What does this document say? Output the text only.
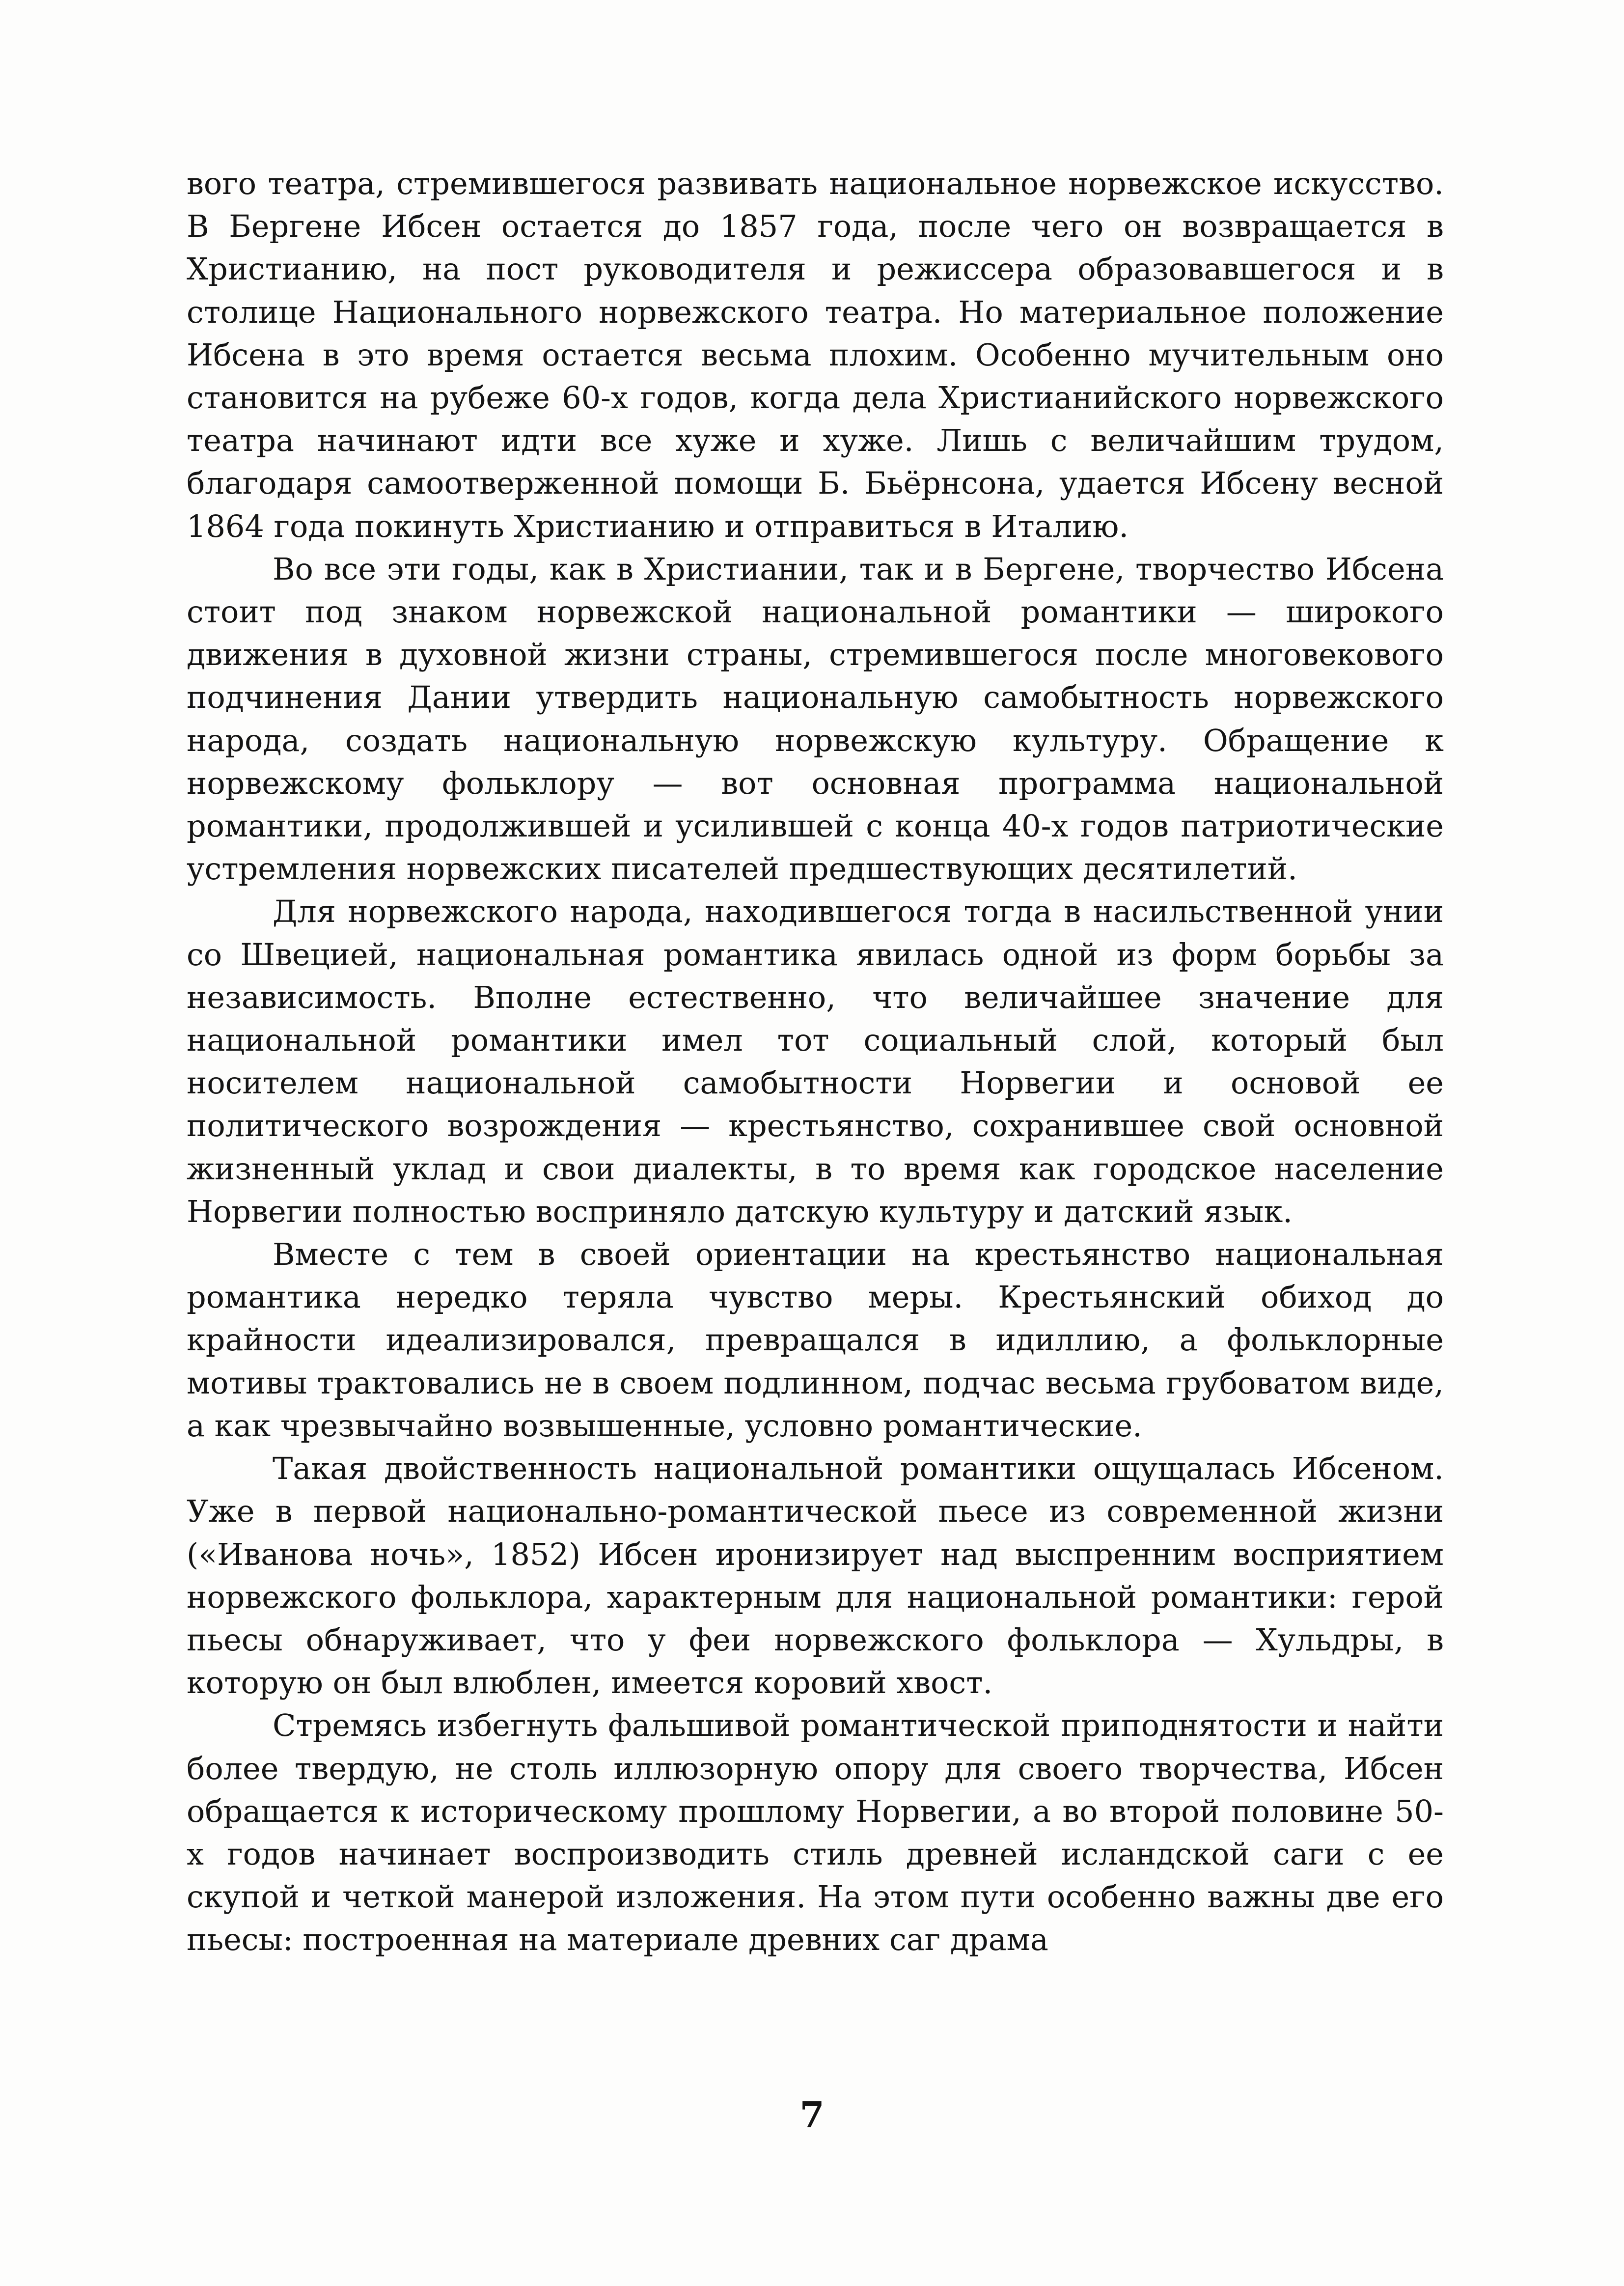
вого театра, стремившегося развивать национальное норвежское искусство. В Бергене Ибсен остается до 1857 года, после чего он возвращается в Христианию, на пост руководителя и режиссера образовавшегося и в столице Национального норвежского театра. Но материальное положение Ибсена в это время остается весьма плохим. Особенно мучительным оно становится на рубеже 60-х годов, когда дела Христианийского норвежского театра начинают идти все хуже и хуже. Лишь с величайшим трудом, благодаря самоотверженной помощи Б. Бьёрнсона, удается Ибсену весной 1864 года покинуть Христианию и отправиться в Италию.

Во все эти годы, как в Христиании, так и в Бергене, творчество Ибсена стоит под знаком норвежской национальной романтики — широкого движения в духовной жизни страны, стремившегося после многовекового подчинения Дании утвердить национальную самобытность норвежского народа, создать национальную норвежскую культуру. Обращение к норвежскому фольклору — вот основная программа национальной романтики, продолжившей и усилившей с конца 40-х годов патриотические устремления норвежских писателей предшествующих десятилетий.

Для норвежского народа, находившегося тогда в насильственной унии со Швецией, национальная романтика явилась одной из форм борьбы за независимость. Вполне естественно, что величайшее значение для национальной романтики имел тот социальный слой, который был носителем национальной самобытности Норвегии и основой ее политического возрождения — крестьянство, сохранившее свой основной жизненный уклад и свои диалекты, в то время как городское население Норвегии полностью восприняло датскую культуру и датский язык.

Вместе с тем в своей ориентации на крестьянство национальная романтика нередко теряла чувство меры. Крестьянский обиход до крайности идеализировался, превращался в идиллию, а фольклорные мотивы трактовались не в своем подлинном, подчас весьма грубоватом виде, а как чрезвычайно возвышенные, условно романтические.

Такая двойственность национальной романтики ощущалась Ибсеном. Уже в первой национально-романтической пьесе из современной жизни («Иванова ночь», 1852) Ибсен иронизирует над выспренним восприятием норвежского фольклора, характерным для национальной романтики: герой пьесы обнаруживает, что у феи норвежского фольклора — Хульдры, в которую он был влюблен, имеется коровий хвост.

Стремясь избегнуть фальшивой романтической приподнятости и найти более твердую, не столь иллюзорную опору для своего творчества, Ибсен обращается к историческому прошлому Норвегии, а во второй половине 50-х годов начинает воспроизводить стиль древней исландской саги с ее скупой и четкой манерой изложения. На этом пути особенно важны две его пьесы: построенная на материале древних саг драма

7
